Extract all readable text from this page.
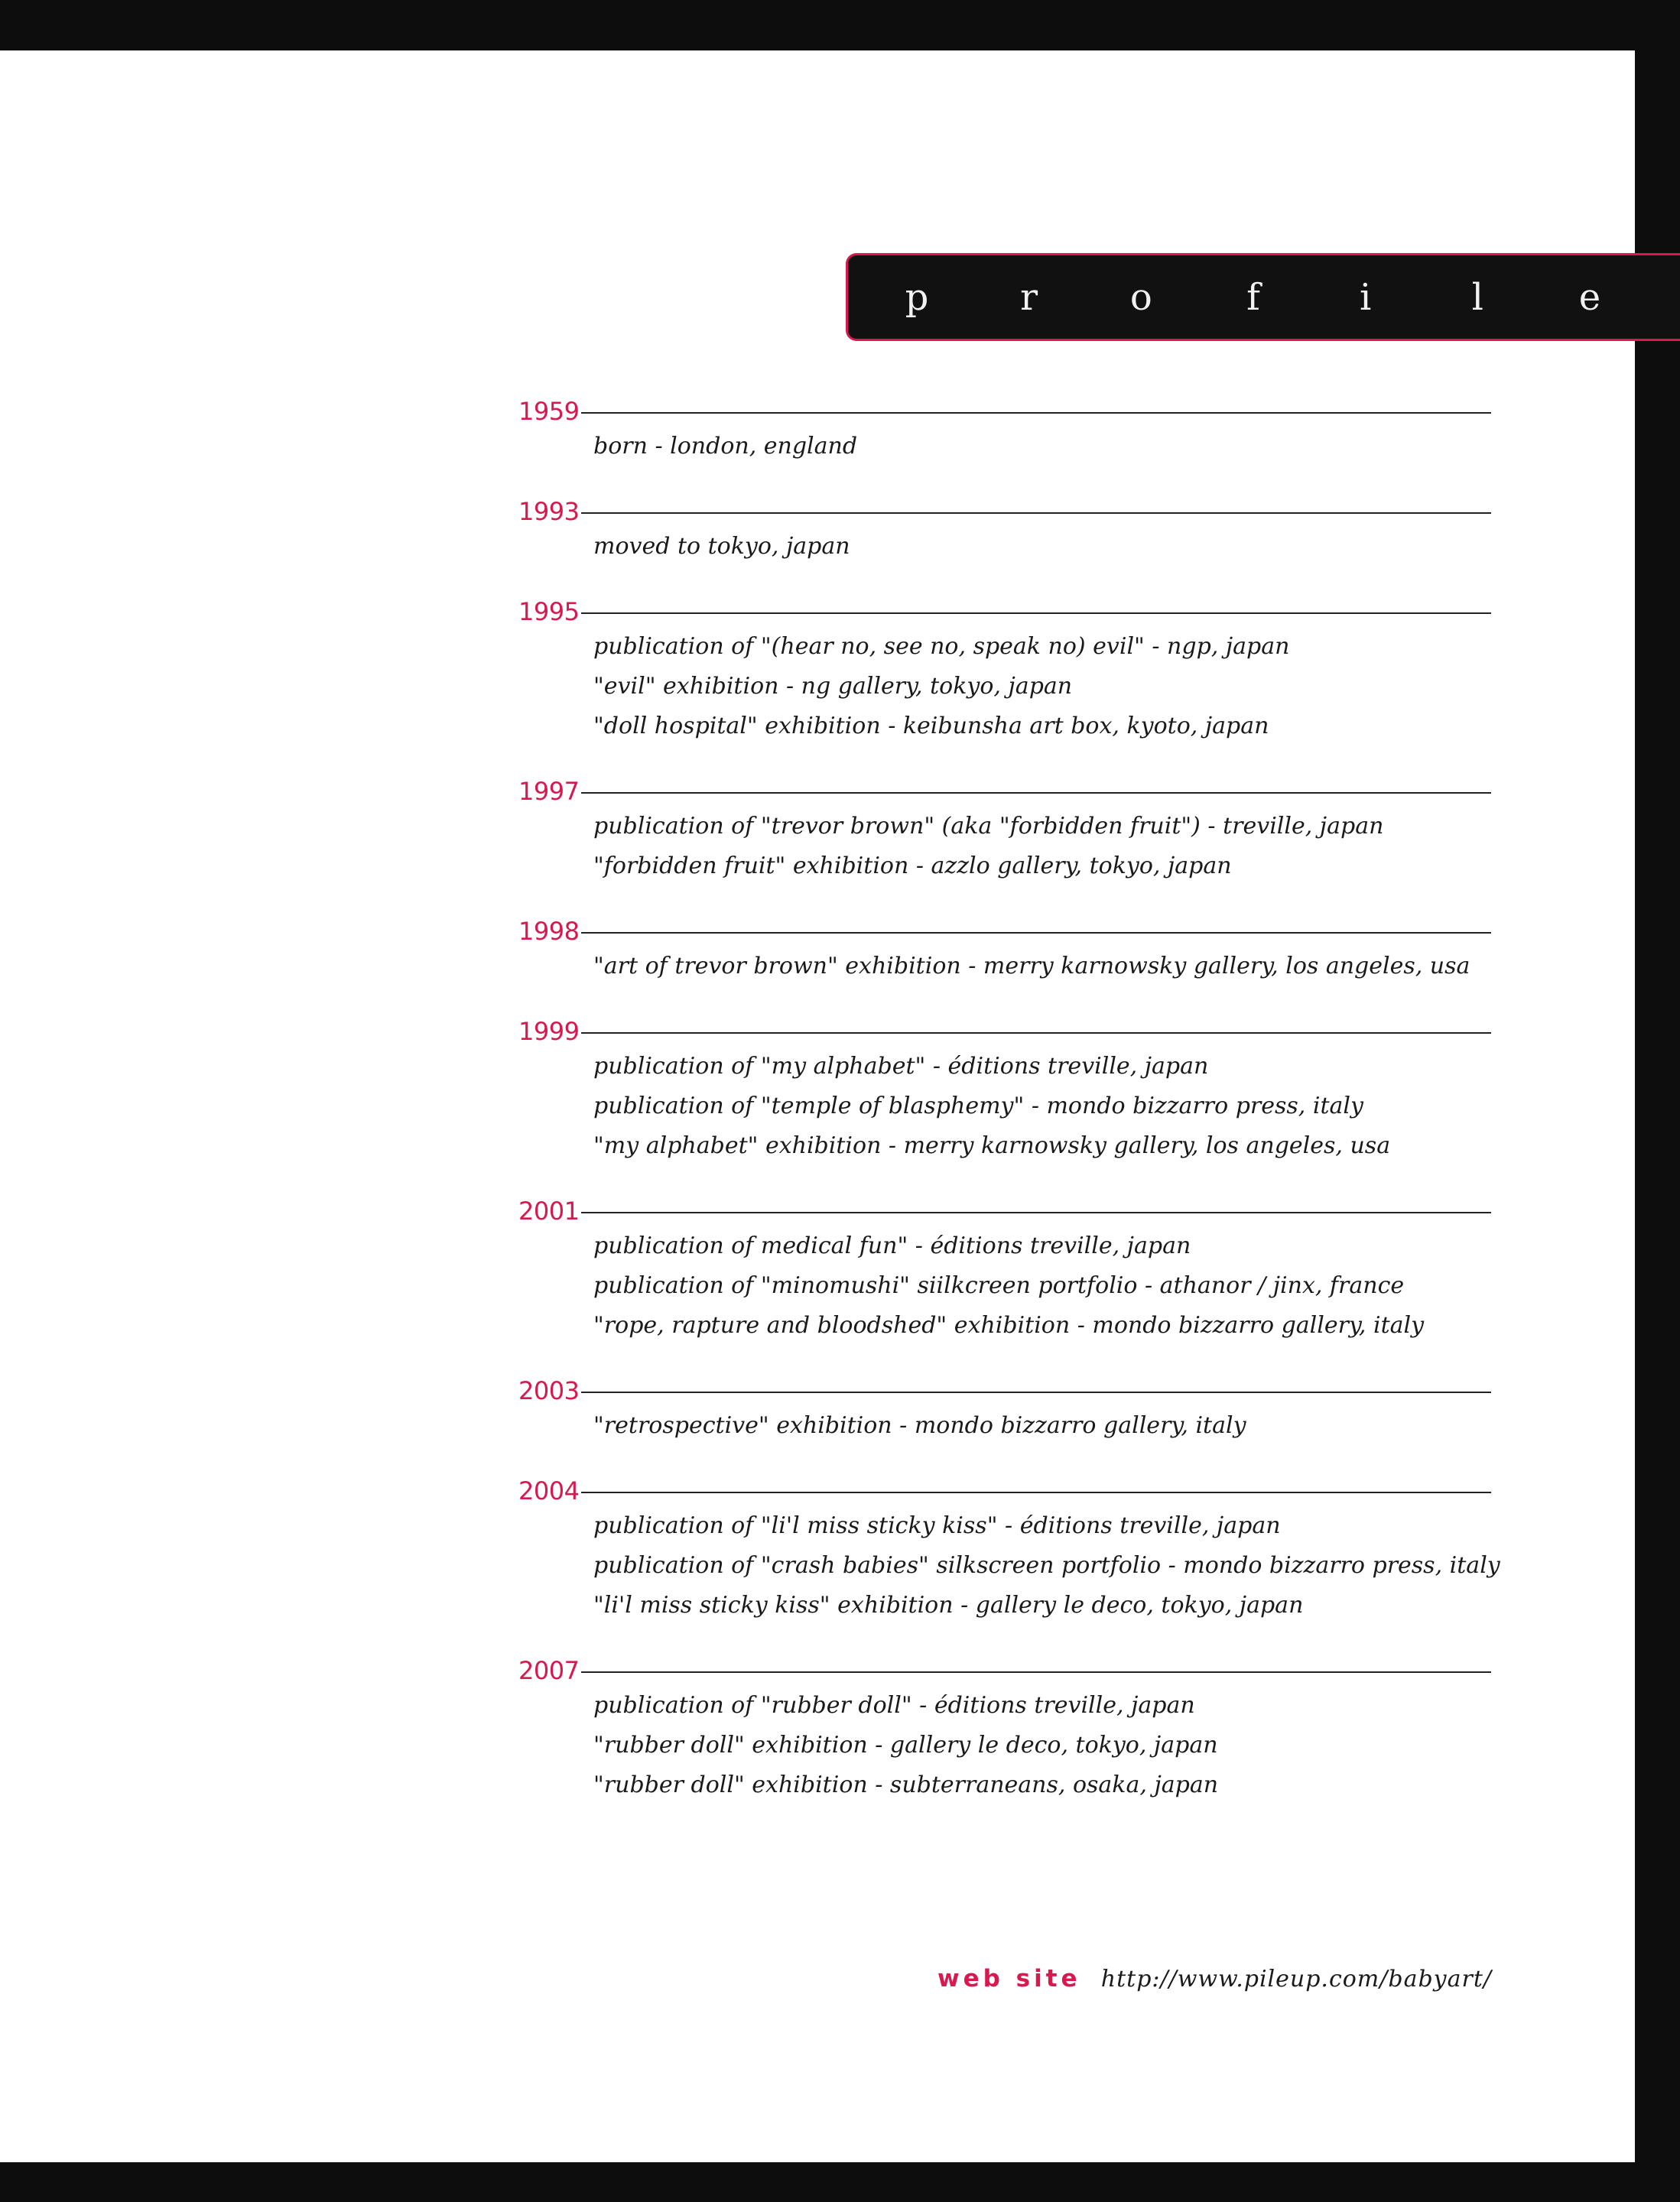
p r	o	f	i	l	e
1959
born - london, england
1993
moved to tokyo, japan
1995
publication of "(hear no, see no, speak no) evil" - ngp, japan
"evil" exhibition - ng gallery, tokyo, japan
"doll hospital" exhibition - keibunsha art box, kyoto, japan
1997
publication of "trevor brown" (aka "forbidden fruit") - treville, japan
"forbidden fruit" exhibition - azzlo gallery, tokyo, japan
1998
"art of trevor brown" exhibition - merry karnowsky gallery, los angeles, usa
1999
publication of "my alphabet" - éditions treville, japan
publication of "temple of blasphemy" - mondo bizzarro press, italy
"my alphabet" exhibition - merry karnowsky gallery, los angeles, usa
2001
publication of medical fun" - éditions treville, japan
publication of "minomushi" siilkcreen portfolio - athanor / jinx, france
"rope, rapture and bloodshed" exhibition - mondo bizzarro gallery, italy
2003
"retrospective" exhibition - mondo bizzarro gallery, italy
2004
publication of "li'l miss sticky kiss" - éditions treville, japan
publication of "crash babies" silkscreen portfolio - mondo bizzarro press, italy
"li'l miss sticky kiss" exhibition - gallery le deco, tokyo, japan
2007
publication of "rubber doll" - éditions treville, japan
"rubber doll" exhibition - gallery le deco, tokyo, japan
"rubber doll" exhibition - subterraneans, osaka, japan
web site http://www.pileup.com/babyart/
